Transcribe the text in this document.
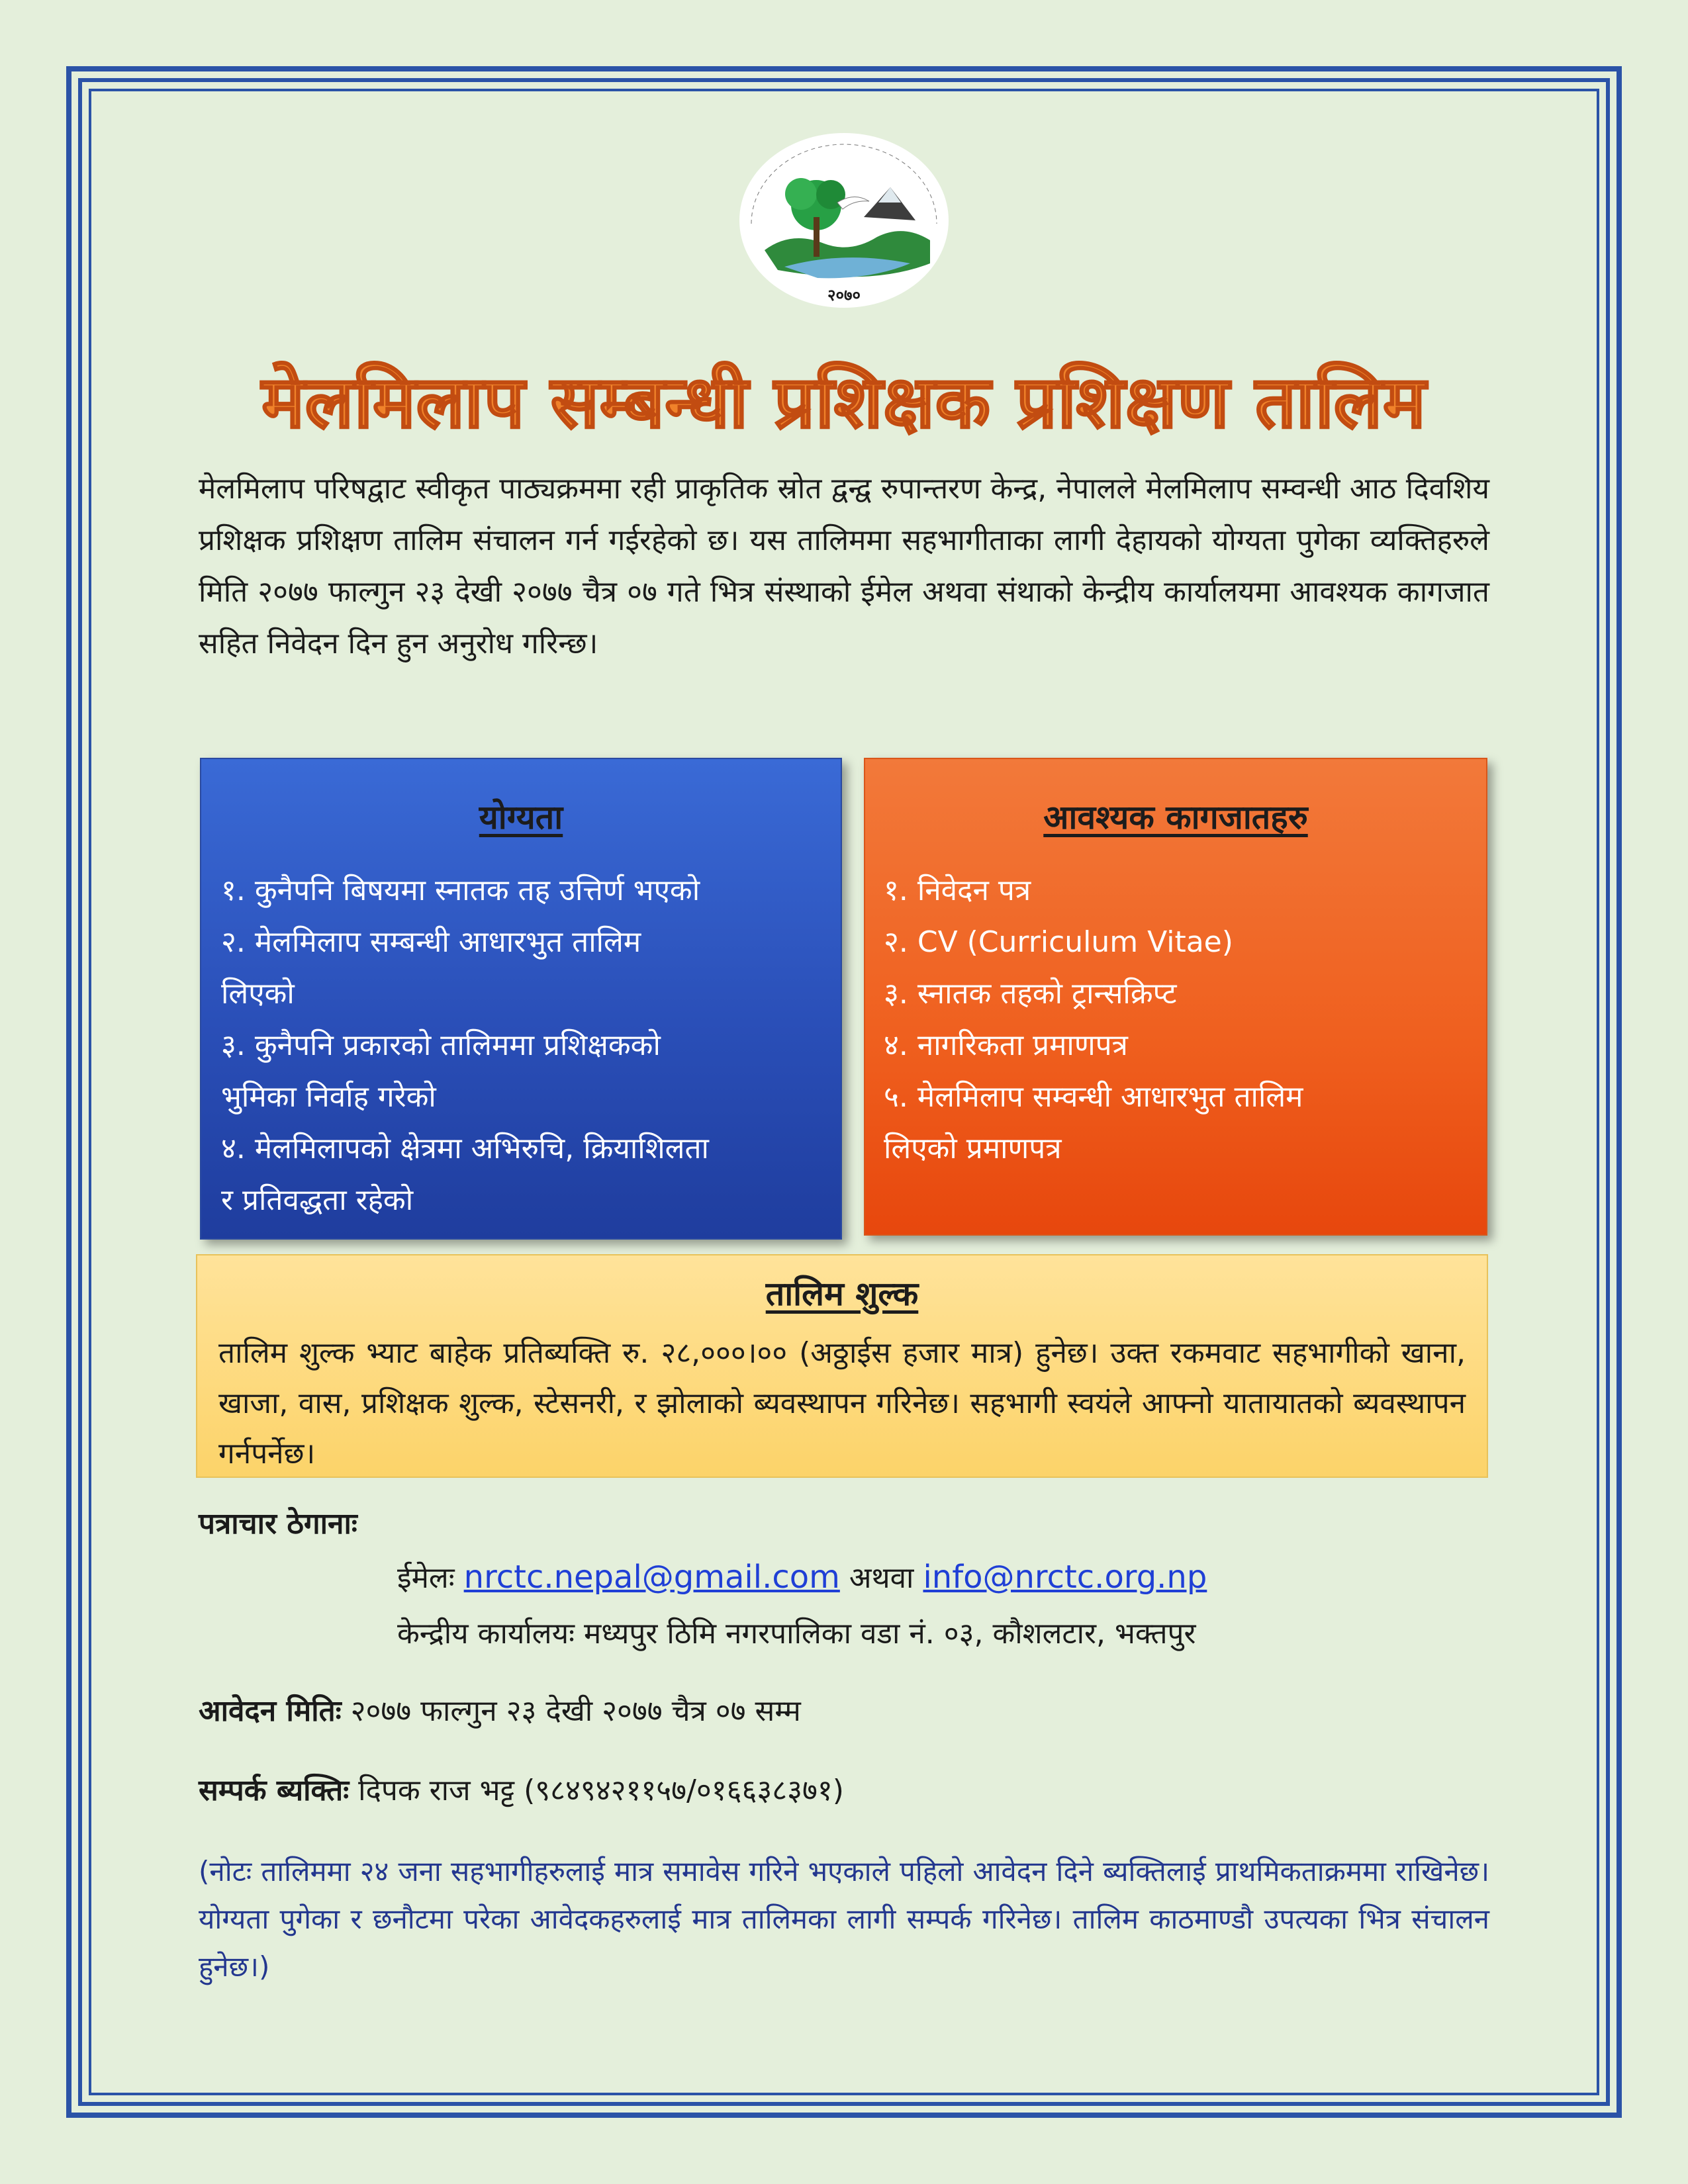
२०७०
मेलमिलाप सम्बन्धी प्रशिक्षक प्रशिक्षण तालिम

मेलमिलाप परिषद्वाट स्वीकृत पाठ्यक्रममा रही प्राकृतिक स्रोत द्वन्द्व रुपान्तरण केन्द्र, नेपालले मेलमिलाप सम्वन्धी आठ दिवशिय प्रशिक्षक प्रशिक्षण तालिम संचालन गर्न गईरहेको छ। यस तालिममा सहभागीताका लागी देहायको योग्यता पुगेका व्यक्तिहरुले मिति २०७७ फाल्गुन २३ देखी २०७७ चैत्र ०७ गते भित्र संस्थाको ईमेल अथवा संथाको केन्द्रीय कार्यालयमा आवश्यक कागजात सहित निवेदन दिन हुन अनुरोध गरिन्छ।

योग्यता
१. कुनैपनि बिषयमा स्नातक तह उत्तिर्ण भएको
२. मेलमिलाप सम्बन्धी आधारभुत तालिम
लिएको
३. कुनैपनि प्रकारको तालिममा प्रशिक्षकको
भुमिका निर्वाह गरेको
४. मेलमिलापको क्षेत्रमा अभिरुचि, क्रियाशिलता
र प्रतिवद्धता रहेको
आवश्यक कागजातहरु
१. निवेदन पत्र
२. CV (Curriculum Vitae)
३. स्नातक तहको ट्रान्सक्रिप्ट
४. नागरिकता प्रमाणपत्र
५. मेलमिलाप सम्वन्धी आधारभुत तालिम
लिएको प्रमाणपत्र
तालिम शुल्क

तालिम शुल्क भ्याट बाहेक प्रतिब्यक्ति रु. २८,०००।०० (अठ्ठाईस हजार मात्र) हुनेछ। उक्त रकमवाट सहभागीको खाना, खाजा, वास, प्रशिक्षक शुल्क, स्टेसनरी, र झोलाको ब्यवस्थापन गरिनेछ। सहभागी स्वयंले आफ्नो यातायातको ब्यवस्थापन गर्नपर्नेछ।

पत्राचार ठेगानाः

ईमेलः nrctc.nepal@gmail.com अथवा info@nrctc.org.np

केन्द्रीय कार्यालयः मध्यपुर ठिमि नगरपालिका वडा नं. ०३, कौशलटार, भक्तपुर

आवेदन मितिः २०७७ फाल्गुन २३ देखी २०७७ चैत्र ०७ सम्म

सम्पर्क ब्यक्तिः दिपक राज भट्ट (९८४९४२११५७/०१६६३८३७१)

(नोटः तालिममा २४ जना सहभागीहरुलाई मात्र समावेस गरिने भएकाले पहिलो आवेदन दिने ब्यक्तिलाई प्राथमिकताक्रममा राखिनेछ। योग्यता पुगेका र छनौटमा परेका आवेदकहरुलाई मात्र तालिमका लागी सम्पर्क गरिनेछ। तालिम काठमाण्डौ उपत्यका भित्र संचालन हुनेछ।)
